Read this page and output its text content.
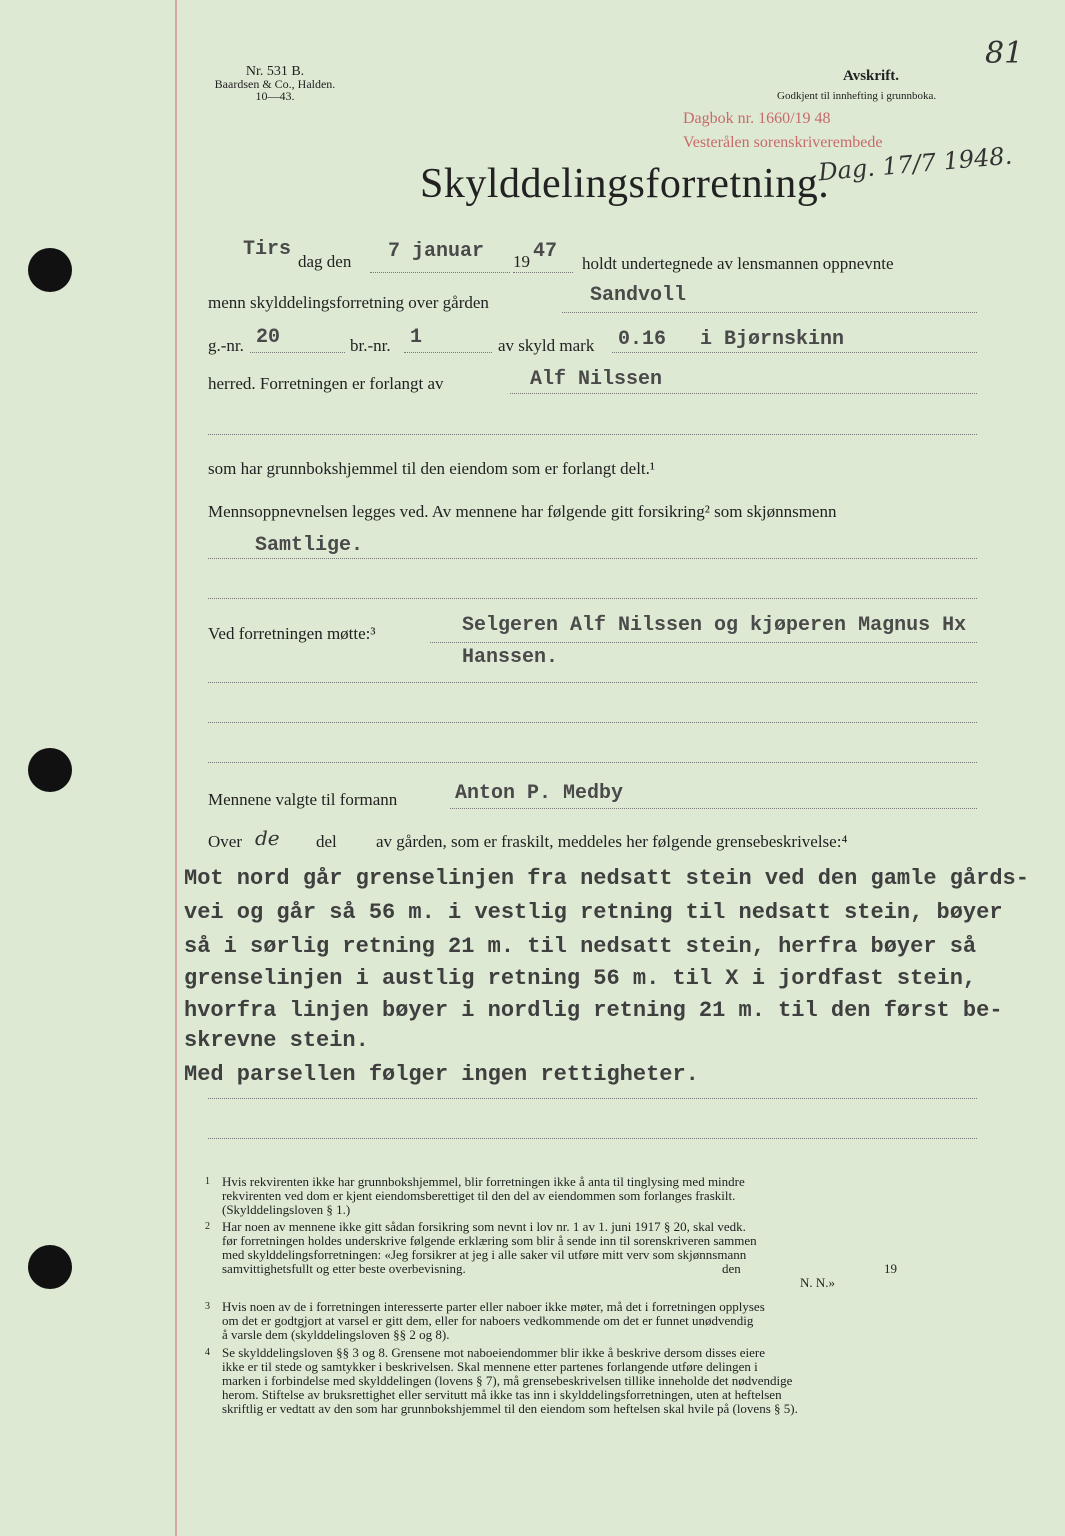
Nr. 531 B.
Baardsen & Co., Halden.
10—43.
81
Avskrift.
Godkjent til innhefting i grunnboka.
Dagbok nr. 1660/19 48
Vesterålen sorenskriverembede
Dag. 17/7 1948.
Skylddelingsforretning.
Tirs
dag den 7 januar 19 47
holdt undertegnede av lensmannen oppnevnte
menn skylddelingsforretning over gården	Sandvoll
g.-nr. 20	br.-nr. 1	av skyld mark 0.16 i Bjørnskinn
herred. Forretningen er forlangt av	Alf Nilssen
som har grunnbokshjemmel til den eiendom som er forlangt delt.¹
Mennsoppnevnelsen legges ved. Av mennene har følgende gitt forsikring² som skjønnsmenn
Samtlige.
Ved forretningen møtte:³	Selgeren Alf Nilssen og kjøperen Magnus Hx
Hanssen.
Mennene valgte til formann	Anton P. Medby
Over de del av gården, som er fraskilt, meddeles her følgende grensebeskrivelse:⁴
Mot nord går grenselinjen fra nedsatt stein ved den gamle gårds-
vei og går så 56 m. i vestlig retning til nedsatt stein, bøyer
så i sørlig retning 21 m. til nedsatt stein, herfra bøyer så
grenselinjen i austlig retning 56 m. til X i jordfast stein,
hvorfra linjen bøyer i nordlig retning 21 m. til den først be-
skrevne stein.
Med parsellen følger ingen rettigheter.
1 Hvis rekvirenten ikke har grunnbokshjemmel, blir forretningen ikke å anta til tinglysing med mindre
rekvirenten ved dom er kjent eiendomsberettiget til den del av eiendommen som forlanges fraskilt.
(Skylddelingsloven § 1.)
2 Har noen av mennene ikke gitt sådan forsikring som nevnt i lov nr. 1 av 1. juni 1917 § 20, skal vedk.
før forretningen holdes underskrive følgende erklæring som blir å sende inn til sorenskriveren sammen
med skylddelingsforretningen: «Jeg forsikrer at jeg i alle saker vil utføre mitt verv som skjønnsmann
samvittighetsfullt og etter beste overbevisning.	den	19
N. N.»
3 Hvis noen av de i forretningen interesserte parter eller naboer ikke møter, må det i forretningen opplyses
om det er godtgjort at varsel er gitt dem, eller for naboers vedkommende om det er funnet unødvendig
å varsle dem (skylddelingsloven §§ 2 og 8).
4 Se skylddelingsloven §§ 3 og 8. Grensene mot naboeiendommer blir ikke å beskrive dersom disses eiere
ikke er til stede og samtykker i beskrivelsen. Skal mennene etter partenes forlangende utføre delingen i
marken i forbindelse med skylddelingen (lovens § 7), må grensebeskrivelsen tillike inneholde det nødvendige
herom. Stiftelse av bruksrettighet eller servitutt må ikke tas inn i skylddelingsforretningen, uten at heftelsen
skriftlig er vedtatt av den som har grunnbokshjemmel til den eiendom som heftelsen skal hvile på (lovens § 5).
